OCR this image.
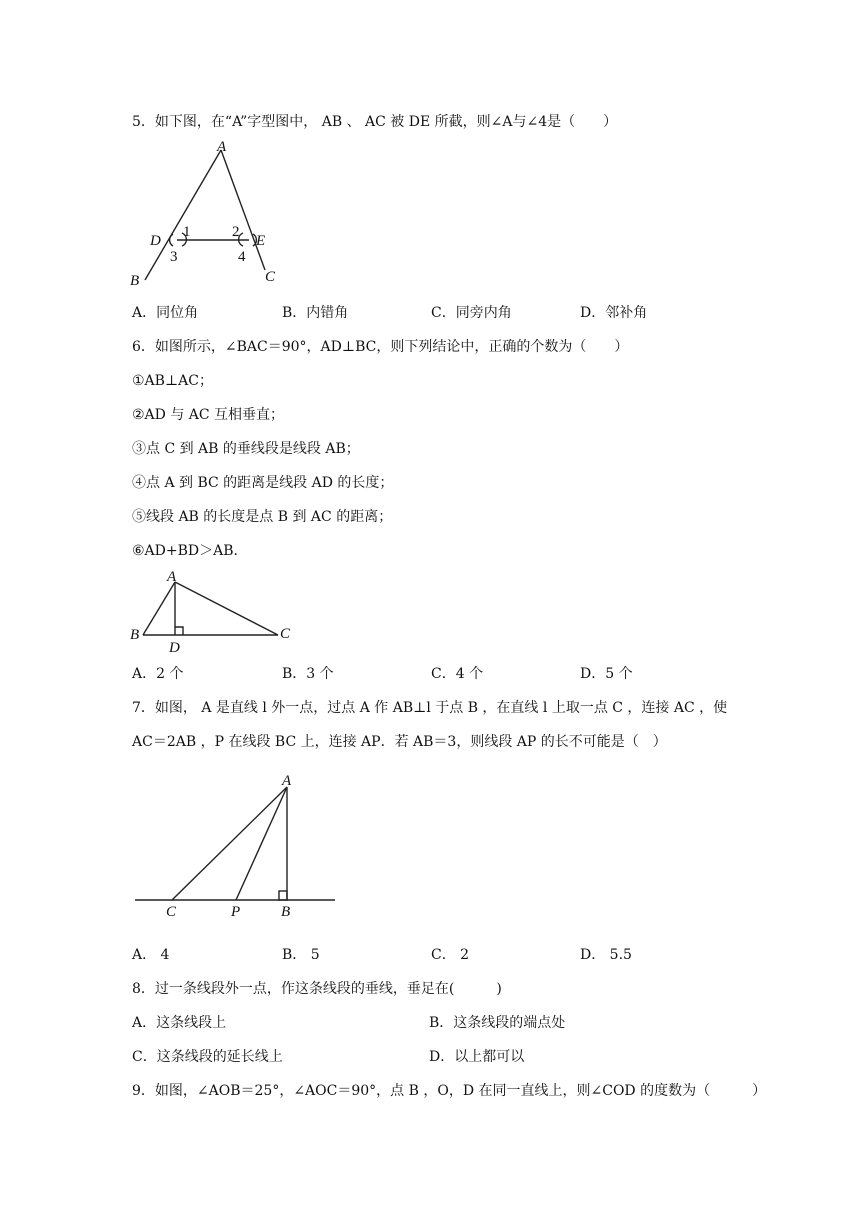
5．如下图，在“A”字型图中， AB 、 AC 被 DE 所截，则∠A与∠4是（　　）
A
D	E
B	C
1	2
3	4
A．同位角	B．内错角	C．同旁内角	D．邻补角
6．如图所示，∠BAC＝90°，AD⊥BC，则下列结论中，正确的个数为（　　）
①AB⊥AC；
②AD 与 AC 互相垂直；
③点 C 到 AB 的垂线段是线段 AB；
④点 A 到 BC 的距离是线段 AD 的长度；
⑤线段 AB 的长度是点 B 到 AC 的距离；
⑥AD+BD＞AB．
A
B	C
D
A．2 个	B．3 个	C．4 个	D．5 个
7．如图， A 是直线 l 外一点，过点 A 作 AB⊥l 于点 B ，在直线 l 上取一点 C ，连接 AC ，使
AC＝2AB ，P 在线段 BC 上，连接 AP．若 AB＝3，则线段 AP 的长不可能是（　）
A
C	P	B
A． 4	B． 5	C． 2	D． 5.5
8．过一条线段外一点，作这条线段的垂线，垂足在(　　　)
A．这条线段上	B．这条线段的端点处
C．这条线段的延长线上	D．以上都可以
9．如图，∠AOB＝25°，∠AOC＝90°，点 B ，O，D 在同一直线上，则∠COD 的度数为（　　　）
